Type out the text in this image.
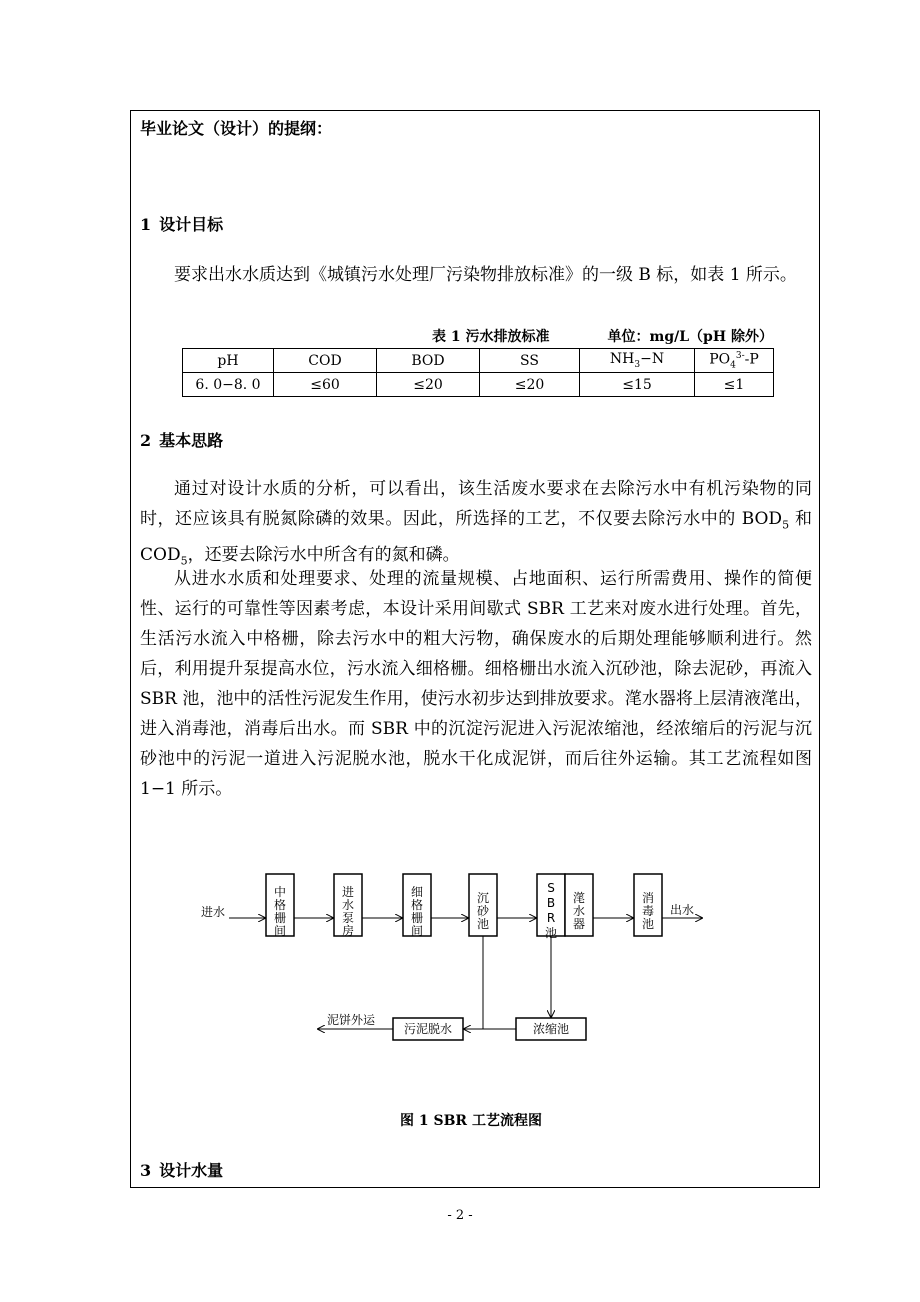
毕业论文（设计）的提纲：
1 设计目标
要求出水水质达到《城镇污水处理厂污染物排放标准》的一级 B 标，如表 1 所示。
表 1 污水排放标准	单位：mg/L（pH 除外）
pH	COD	BOD	SS	$NH_3-N$	$PO_4^{3-}-P$
6. 0−8. 0	≤60	≤20	≤20	≤15	≤1
2 基本思路
通过对设计水质的分析，可以看出，该生活废水要求在去除污水中有机污染物的同时，还应该具有脱氮除磷的效果。因此，所选择的工艺，不仅要去除污水中的 $BOD_5$ 和 $COD_5$，还要去除污水中所含有的氮和磷。
从进水水质和处理要求、处理的流量规模、占地面积、运行所需费用、操作的简便性、运行的可靠性等因素考虑，本设计采用间歇式 SBR 工艺来对废水进行处理。首先，生活污水流入中格栅，除去污水中的粗大污物，确保废水的后期处理能够顺利进行。然后，利用提升泵提高水位，污水流入细格栅。细格栅出水流入沉砂池，除去泥砂，再流入 SBR 池，池中的活性污泥发生作用，使污水初步达到排放要求。滗水器将上层清液滗出，进入消毒池，消毒后出水。而 SBR 中的沉淀污泥进入污泥浓缩池，经浓缩后的污泥与沉砂池中的污泥一道进入污泥脱水池，脱水干化成泥饼，而后往外运输。其工艺流程如图 1−1 所示。
进水
中格栅间
进水泵房
细格栅间
沉砂池
S B R 池
滗水器
消毒池
出水
浓缩池
污泥脱水
泥饼外运
图 1 SBR 工艺流程图
3 设计水量
- 2 -
